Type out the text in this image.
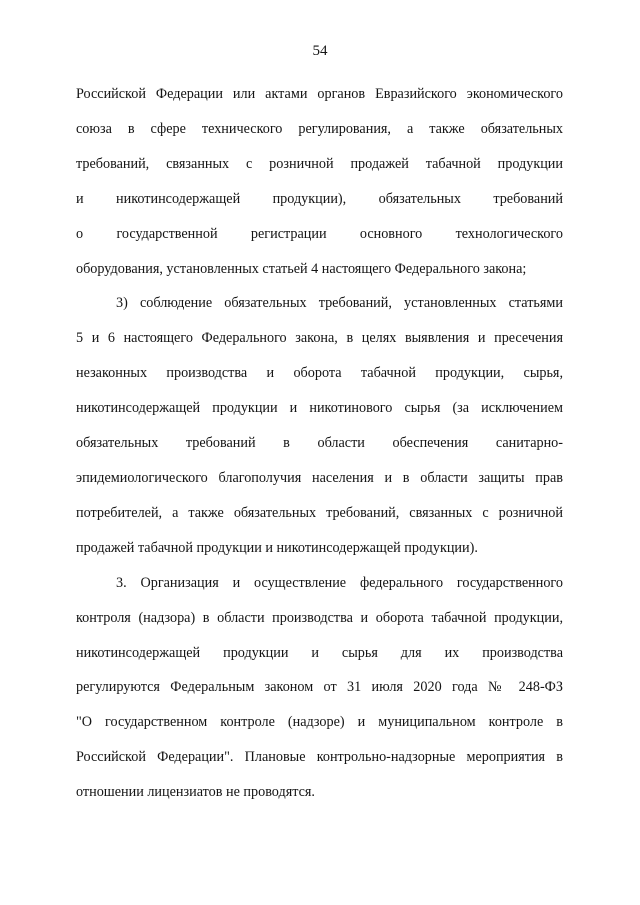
54

Российской Федерации или актами органов Евразийского экономического
союза в сфере технического регулирования, а также обязательных
требований, связанных с розничной продажей табачной продукции
и никотинсодержащей продукции), обязательных требований
о государственной регистрации основного технологического
оборудования, установленных статьей 4 настоящего Федерального закона;

3) соблюдение обязательных требований, установленных статьями
5 и 6 настоящего Федерального закона, в целях выявления и пресечения
незаконных производства и оборота табачной продукции, сырья,
никотинсодержащей продукции и никотинового сырья (за исключением
обязательных требований в области обеспечения санитарно-
эпидемиологического благополучия населения и в области защиты прав
потребителей, а также обязательных требований, связанных с розничной
продажей табачной продукции и никотинсодержащей продукции).

3. Организация и осуществление федерального государственного
контроля (надзора) в области производства и оборота табачной продукции,
никотинсодержащей продукции и сырья для их производства
регулируются Федеральным законом от 31 июля 2020 года № 248-ФЗ
"О государственном контроле (надзоре) и муниципальном контроле в
Российской Федерации". Плановые контрольно-надзорные мероприятия в
отношении лицензиатов не проводятся.
